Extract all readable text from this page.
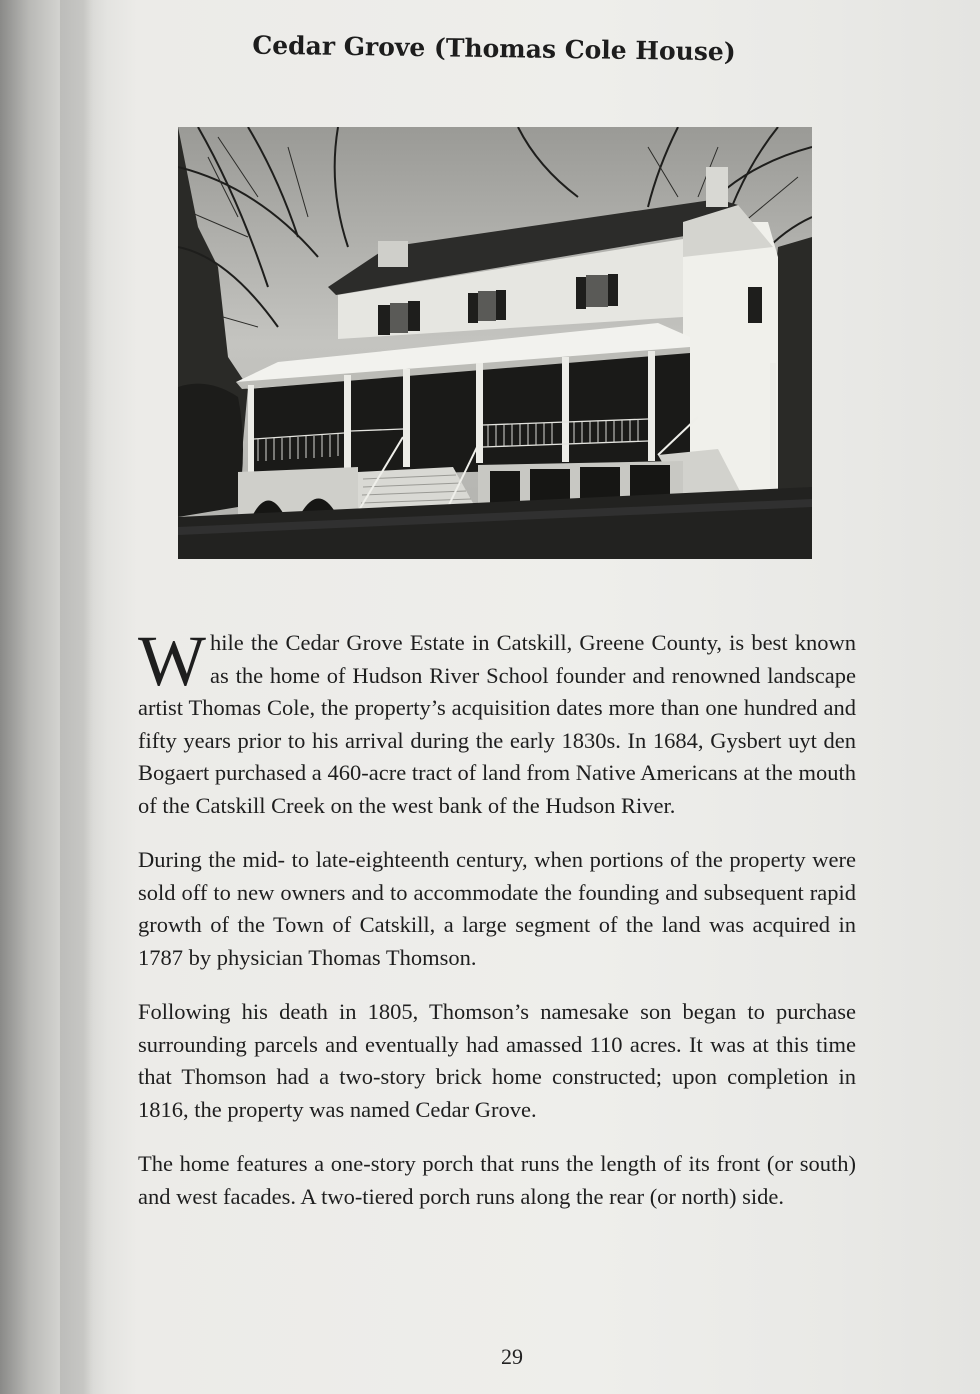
Cedar Grove (Thomas Cole House)

While the Cedar Grove Estate in Catskill, Greene County, is best known as the home of Hudson River School founder and renowned landscape artist Thomas Cole, the property’s acquisition dates more than one hundred and fifty years prior to his arrival during the early 1830s. In 1684, Gysbert uyt den Bogaert purchased a 460-acre tract of land from Native Americans at the mouth of the Catskill Creek on the west bank of the Hudson River.

During the mid- to late-eighteenth century, when portions of the property were sold off to new owners and to accommodate the founding and subsequent rapid growth of the Town of Catskill, a large segment of the land was acquired in 1787 by physician Thomas Thomson.

Following his death in 1805, Thomson’s namesake son began to purchase surrounding parcels and eventually had amassed 110 acres. It was at this time that Thomson had a two-story brick home constructed; upon completion in 1816, the property was named Cedar Grove.

The home features a one-story porch that runs the length of its front (or south) and west facades. A two-tiered porch runs along the rear (or north) side.

29
